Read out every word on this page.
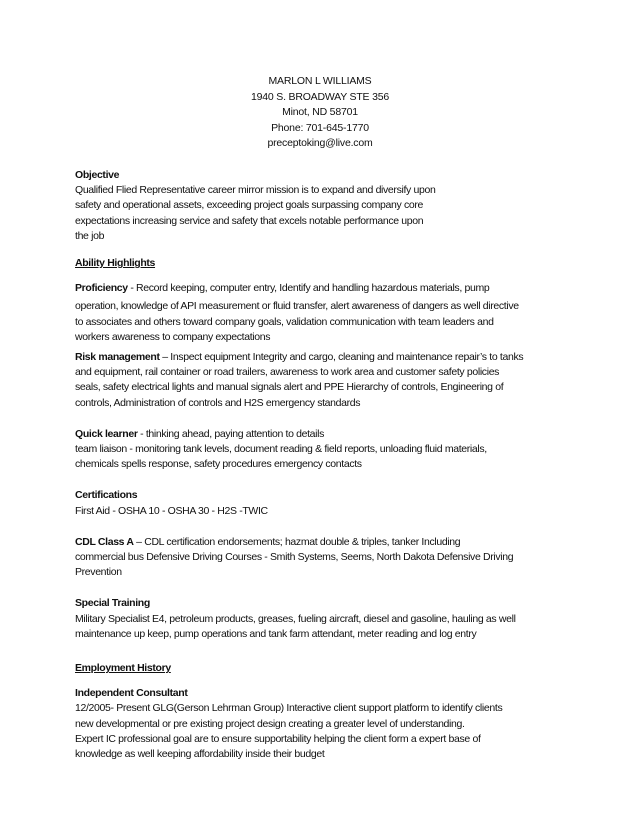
MARLON L WILLIAMS
1940 S. BROADWAY STE 356
Minot, ND 58701
Phone: 701-645-1770
preceptoking@live.com
Objective
Qualified Flied Representative career mirror mission is to expand and diversify upon
safety and operational assets, exceeding project goals surpassing company core
expectations increasing service and safety that excels notable performance upon
the job
Ability Highlights
Proficiency - Record keeping, computer entry, Identify and handling hazardous materials, pump
operation, knowledge of API measurement or fluid transfer, alert awareness of dangers as well directive
to associates and others toward company goals, validation communication with team leaders and
workers awareness to company expectations
Risk management – Inspect equipment Integrity and cargo, cleaning and maintenance repair’s to tanks
and equipment, rail container or road trailers, awareness to work area and customer safety policies
seals, safety electrical lights and manual signals alert and PPE Hierarchy of controls, Engineering of
controls, Administration of controls and H2S emergency standards
Quick learner - thinking ahead, paying attention to details
team liaison - monitoring tank levels, document reading & field reports, unloading fluid materials,
chemicals spells response, safety procedures emergency contacts
Certifications
First Aid - OSHA 10 - OSHA 30 - H2S -TWIC
CDL Class A – CDL certification endorsements; hazmat double & triples, tanker Including
commercial bus Defensive Driving Courses - Smith Systems, Seems, North Dakota Defensive Driving
Prevention
Special Training
Military Specialist E4, petroleum products, greases, fueling aircraft, diesel and gasoline, hauling as well
maintenance up keep, pump operations and tank farm attendant, meter reading and log entry
Employment History
Independent Consultant
12/2005- Present GLG(Gerson Lehrman Group) Interactive client support platform to identify clients
new developmental or pre existing project design creating a greater level of understanding.
Expert IC professional goal are to ensure supportability helping the client form a expert base of
knowledge as well keeping affordability inside their budget
